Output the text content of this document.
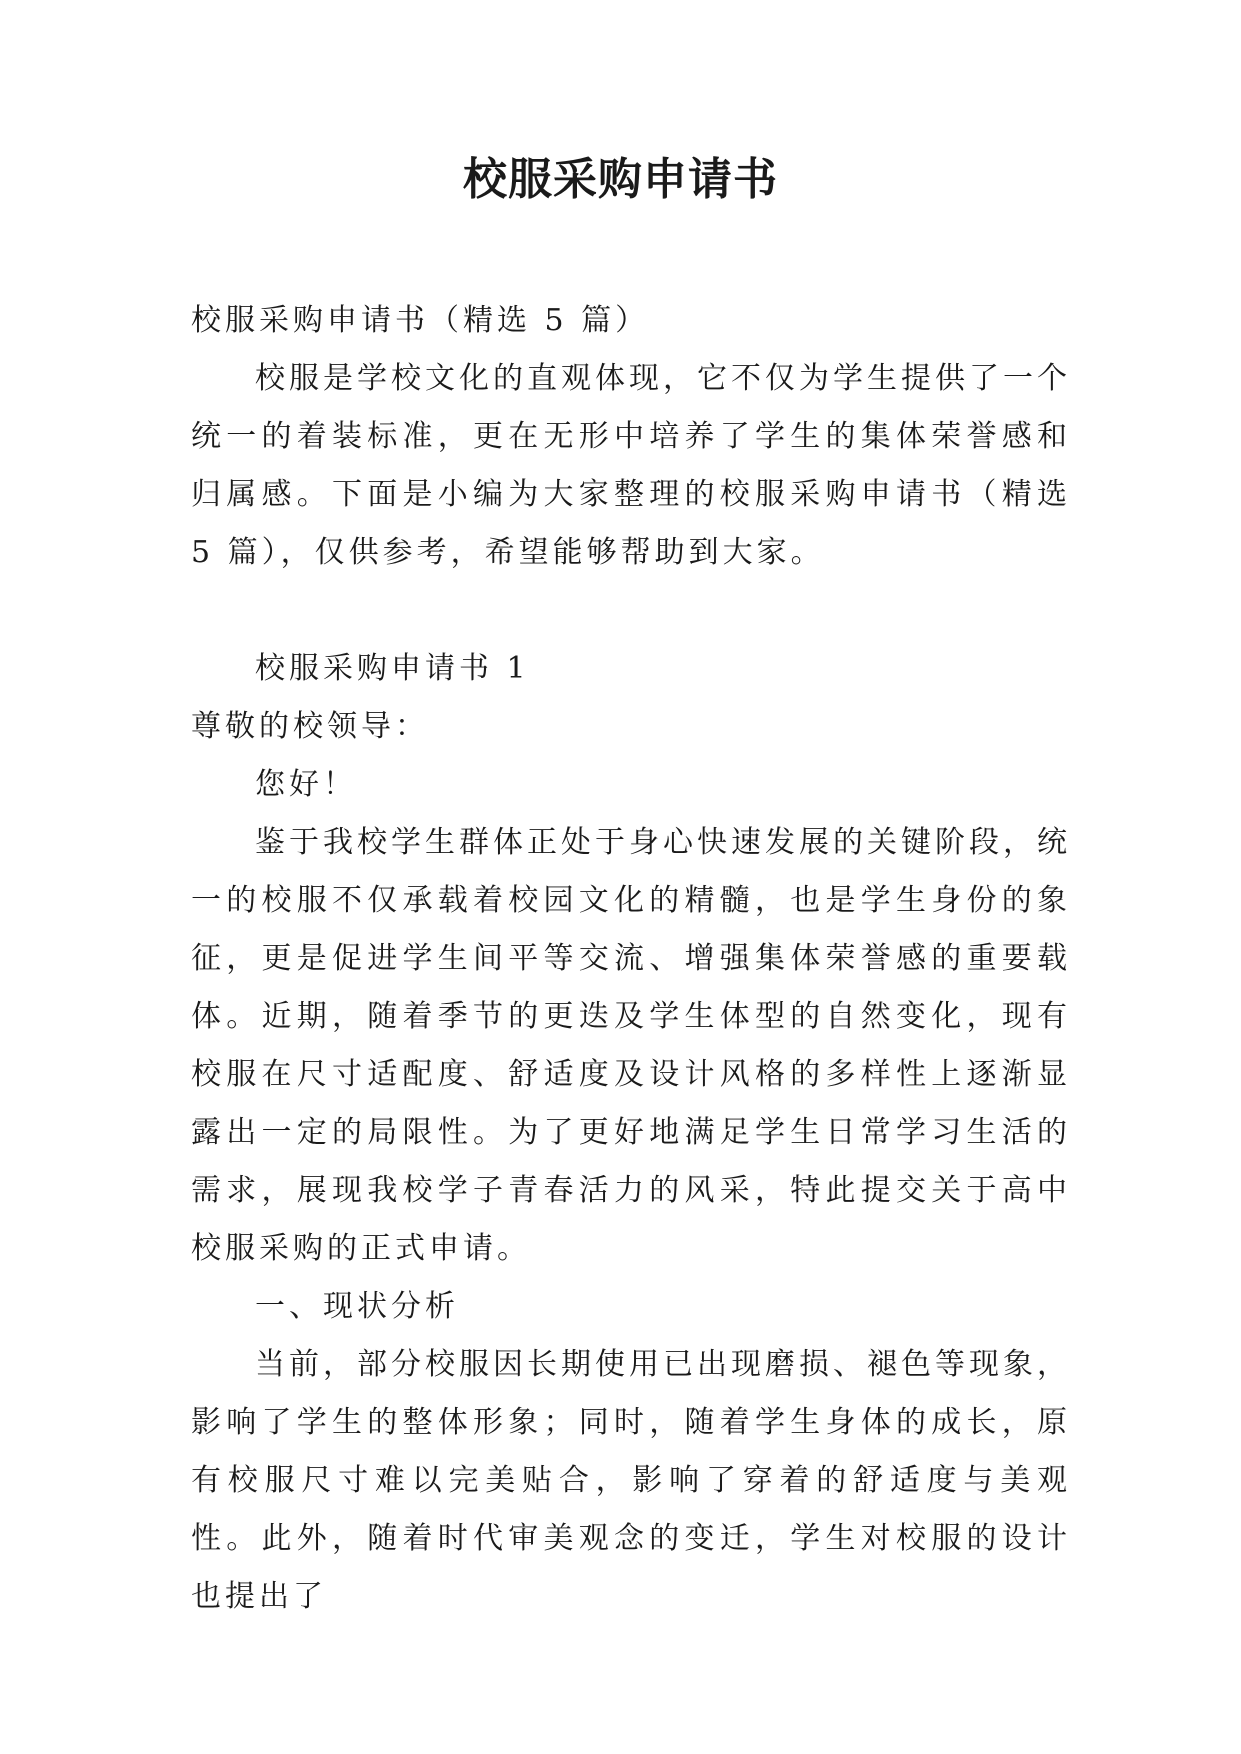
校服采购申请书

校服采购申请书（精选 5 篇）

校服是学校文化的直观体现，它不仅为学生提供了一个统一的着装标准，更在无形中培养了学生的集体荣誉感和归属感。下面是小编为大家整理的校服采购申请书（精选 5 篇），仅供参考，希望能够帮助到大家。

校服采购申请书 1

尊敬的校领导：

您好！

鉴于我校学生群体正处于身心快速发展的关键阶段，统一的校服不仅承载着校园文化的精髓，也是学生身份的象征，更是促进学生间平等交流、增强集体荣誉感的重要载体。近期，随着季节的更迭及学生体型的自然变化，现有校服在尺寸适配度、舒适度及设计风格的多样性上逐渐显露出一定的局限性。为了更好地满足学生日常学习生活的需求，展现我校学子青春活力的风采，特此提交关于高中校服采购的正式申请。

一、现状分析

当前，部分校服因长期使用已出现磨损、褪色等现象，影响了学生的整体形象；同时，随着学生身体的成长，原有校服尺寸难以完美贴合，影响了穿着的舒适度与美观性。此外，随着时代审美观念的变迁，学生对校服的设计也提出了
